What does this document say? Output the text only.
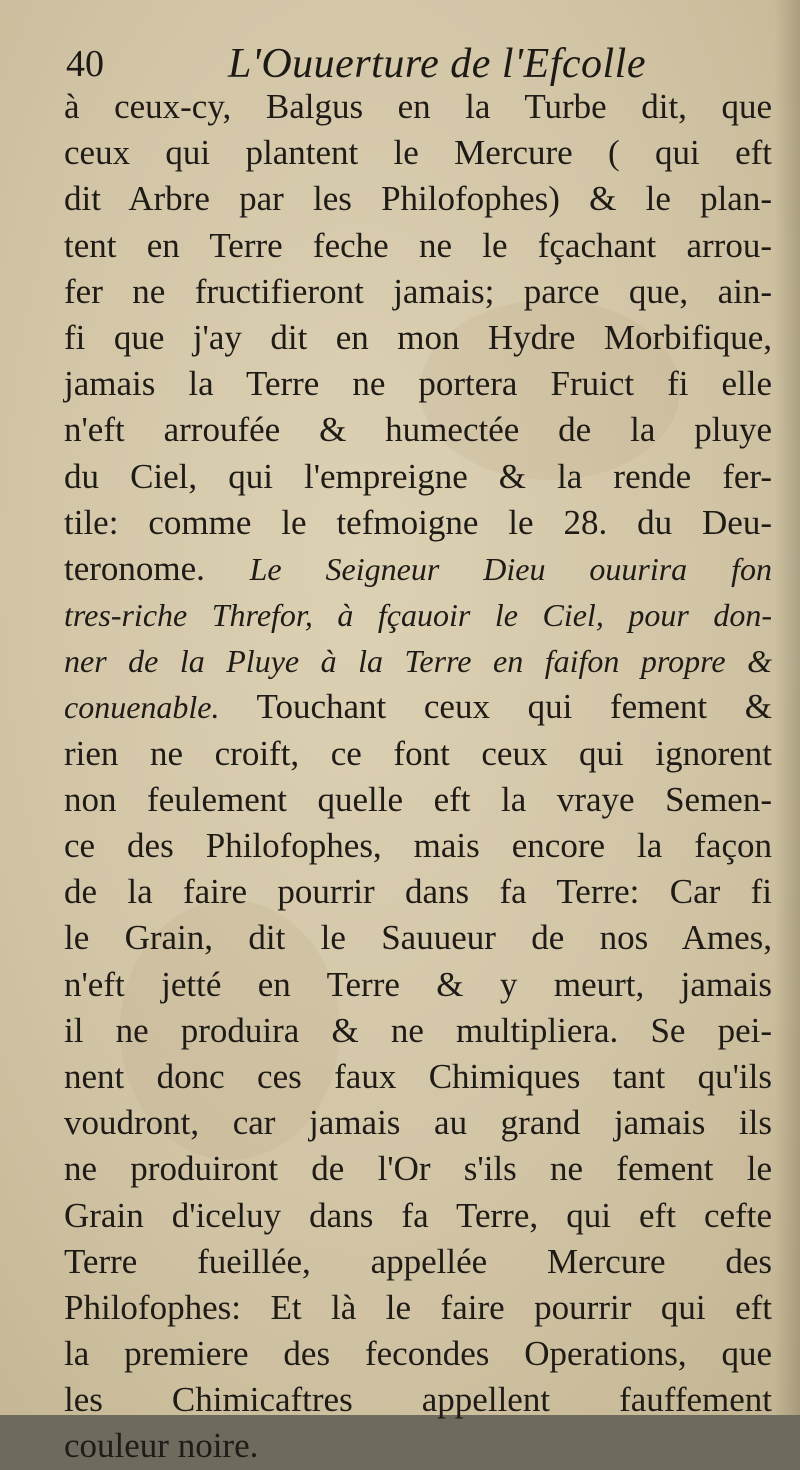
40	L'Ouuerture de l'Efcolle
à ceux-cy, Balgus en la Turbe dit, que
ceux qui plantent le Mercure ( qui eft
dit Arbre par les Philofophes) & le plan-
tent en Terre feche ne le fçachant arrou-
fer ne fructifieront jamais; parce que, ain-
fi que j'ay dit en mon Hydre Morbifique,
jamais la Terre ne portera Fruict fi elle
n'eft arroufée & humectée de la pluye
du Ciel, qui l'empreigne & la rende fer-
tile: comme le tefmoigne le 28. du Deu-
teronome. Le Seigneur Dieu ouurira fon
tres-riche Threfor, à fçauoir le Ciel, pour don-
ner de la Pluye à la Terre en faifon propre &
conuenable. Touchant ceux qui fement &
rien ne croift, ce font ceux qui ignorent
non feulement quelle eft la vraye Semen-
ce des Philofophes, mais encore la façon
de la faire pourrir dans fa Terre: Car fi
le Grain, dit le Sauueur de nos Ames,
n'eft jetté en Terre & y meurt, jamais
il ne produira & ne multipliera. Se pei-
nent donc ces faux Chimiques tant qu'ils
voudront, car jamais au grand jamais ils
ne produiront de l'Or s'ils ne fement le
Grain d'iceluy dans fa Terre, qui eft cefte
Terre fueillée, appellée Mercure des
Philofophes: Et là le faire pourrir qui eft
la premiere des fecondes Operations, que
les Chimicaftres appellent fauffement
couleur noire.
